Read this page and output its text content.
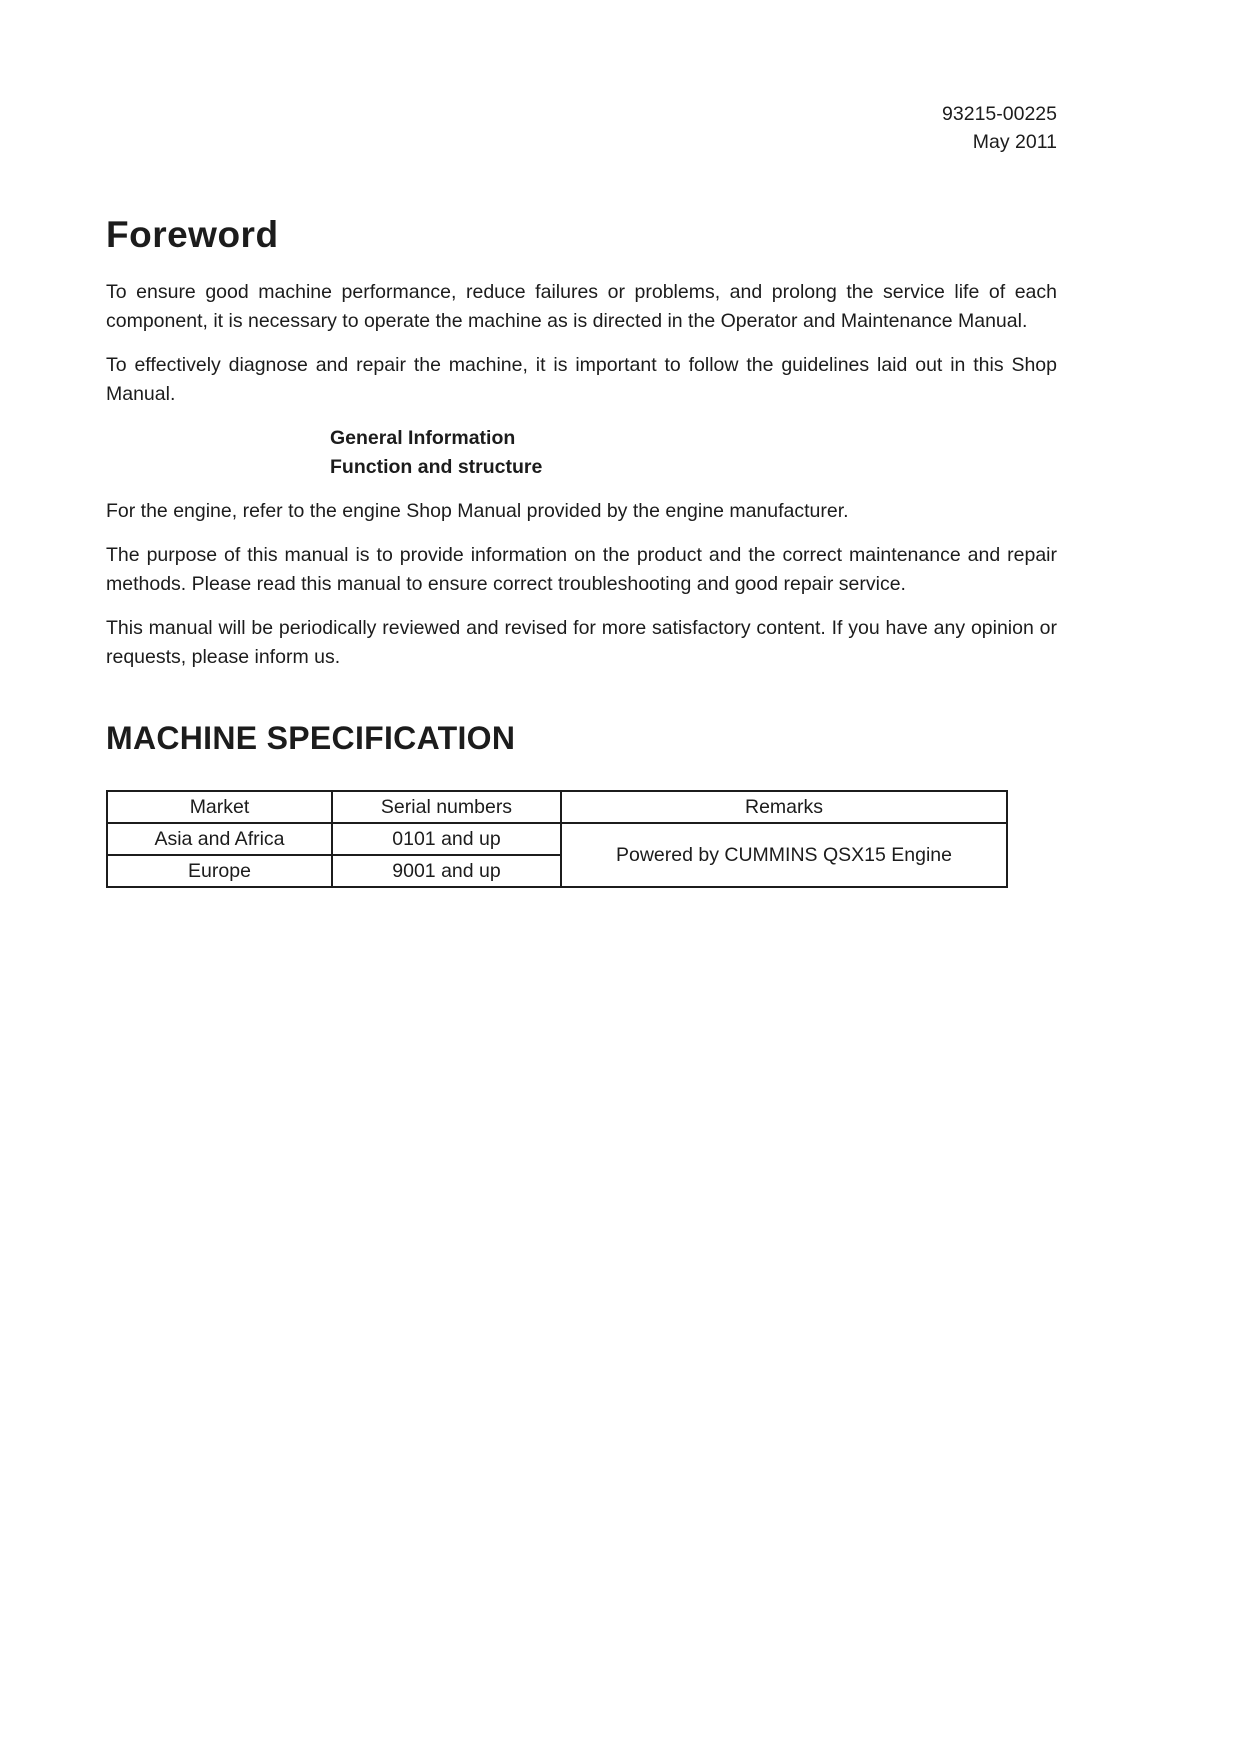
93215-00225
May 2011
Foreword

To ensure good machine performance, reduce failures or problems, and prolong the service life of each component, it is necessary to operate the machine as is directed in the Operator and Maintenance Manual.

To effectively diagnose and repair the machine, it is important to follow the guidelines laid out in this Shop Manual.

General Information
Function and structure

For the engine, refer to the engine Shop Manual provided by the engine manufacturer.

The purpose of this manual is to provide information on the product and the correct maintenance and repair methods. Please read this manual to ensure correct troubleshooting and good repair service.

This manual will be periodically reviewed and revised for more satisfactory content. If you have any opinion or requests, please inform us.

MACHINE SPECIFICATION
Market	Serial numbers	Remarks
Asia and Africa	0101 and up	Powered by CUMMINS QSX15 Engine
Europe	9001 and up	
